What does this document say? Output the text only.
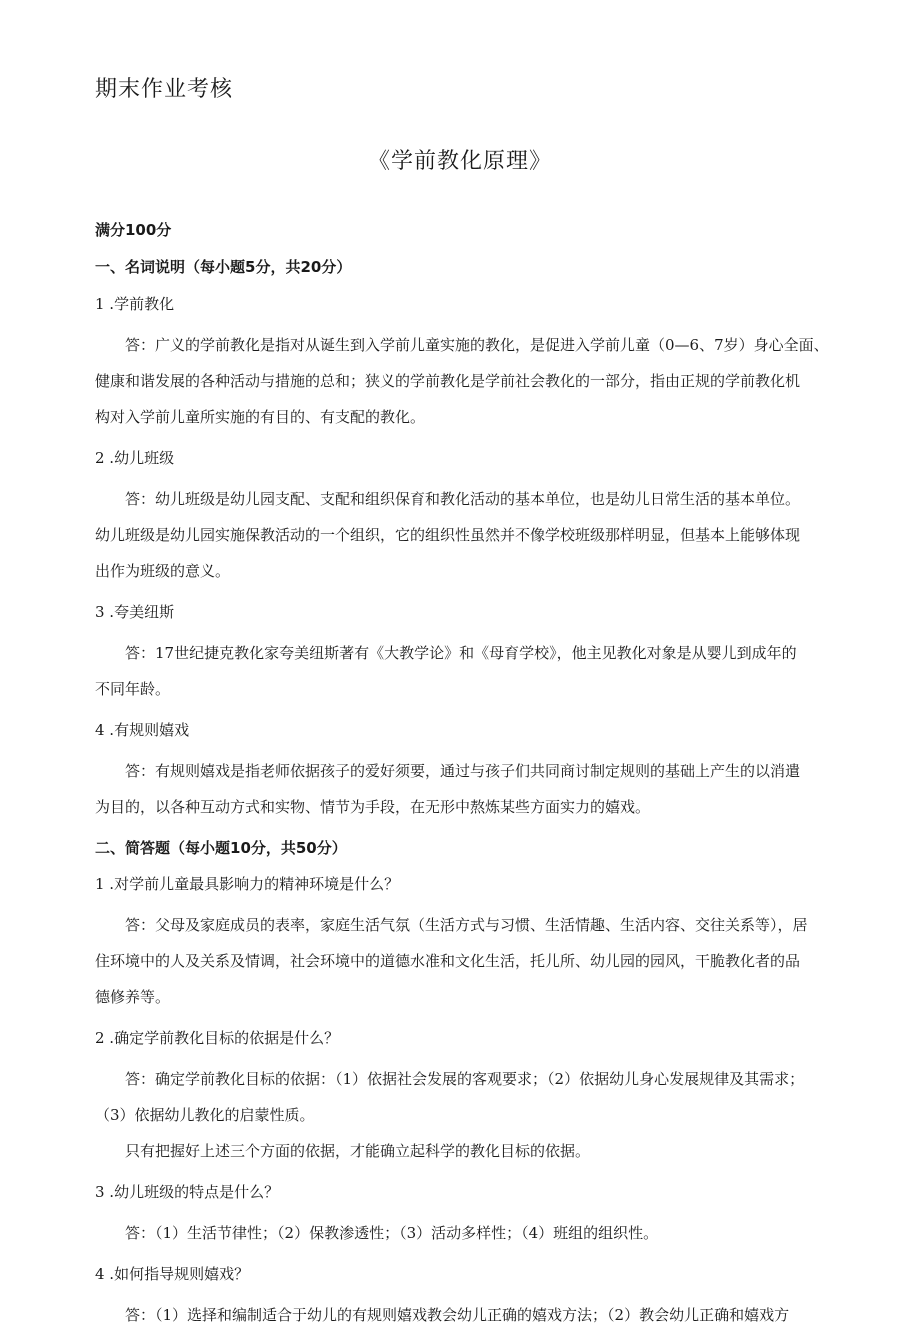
期末作业考核
《学前教化原理》
满分100分
一、名词说明（每小题5分，共20分）
1 .学前教化
答：广义的学前教化是指对从诞生到入学前儿童实施的教化，是促进入学前儿童（0—6、7岁）身心全面、
健康和谐发展的各种活动与措施的总和；狭义的学前教化是学前社会教化的一部分，指由正规的学前教化机
构对入学前儿童所实施的有目的、有支配的教化。
2 .幼儿班级
答：幼儿班级是幼儿园支配、支配和组织保育和教化活动的基本单位，也是幼儿日常生活的基本单位。
幼儿班级是幼儿园实施保教活动的一个组织，它的组织性虽然并不像学校班级那样明显，但基本上能够体现
出作为班级的意义。
3 .夸美纽斯
答：17世纪捷克教化家夸美纽斯著有《大教学论》和《母育学校》，他主见教化对象是从婴儿到成年的
不同年龄。
4 .有规则嬉戏
答：有规则嬉戏是指老师依据孩子的爱好须要，通过与孩子们共同商讨制定规则的基础上产生的以消遣
为目的，以各种互动方式和实物、情节为手段，在无形中熬炼某些方面实力的嬉戏。
二、简答题（每小题10分，共50分）
1 .对学前儿童最具影响力的精神环境是什么？
答：父母及家庭成员的表率，家庭生活气氛（生活方式与习惯、生活情趣、生活内容、交往关系等），居
住环境中的人及关系及情调，社会环境中的道德水准和文化生活，托儿所、幼儿园的园风，干脆教化者的品
德修养等。
2 .确定学前教化目标的依据是什么？
答：确定学前教化目标的依据：（1）依据社会发展的客观要求；（2）依据幼儿身心发展规律及其需求；
（3）依据幼儿教化的启蒙性质。
只有把握好上述三个方面的依据，才能确立起科学的教化目标的依据。
3 .幼儿班级的特点是什么？
答：（1）生活节律性；（2）保教渗透性；（3）活动多样性；（4）班组的组织性。
4 .如何指导规则嬉戏？
答：（1）选择和编制适合于幼儿的有规则嬉戏教会幼儿正确的嬉戏方法；（2）教会幼儿正确和嬉戏方
